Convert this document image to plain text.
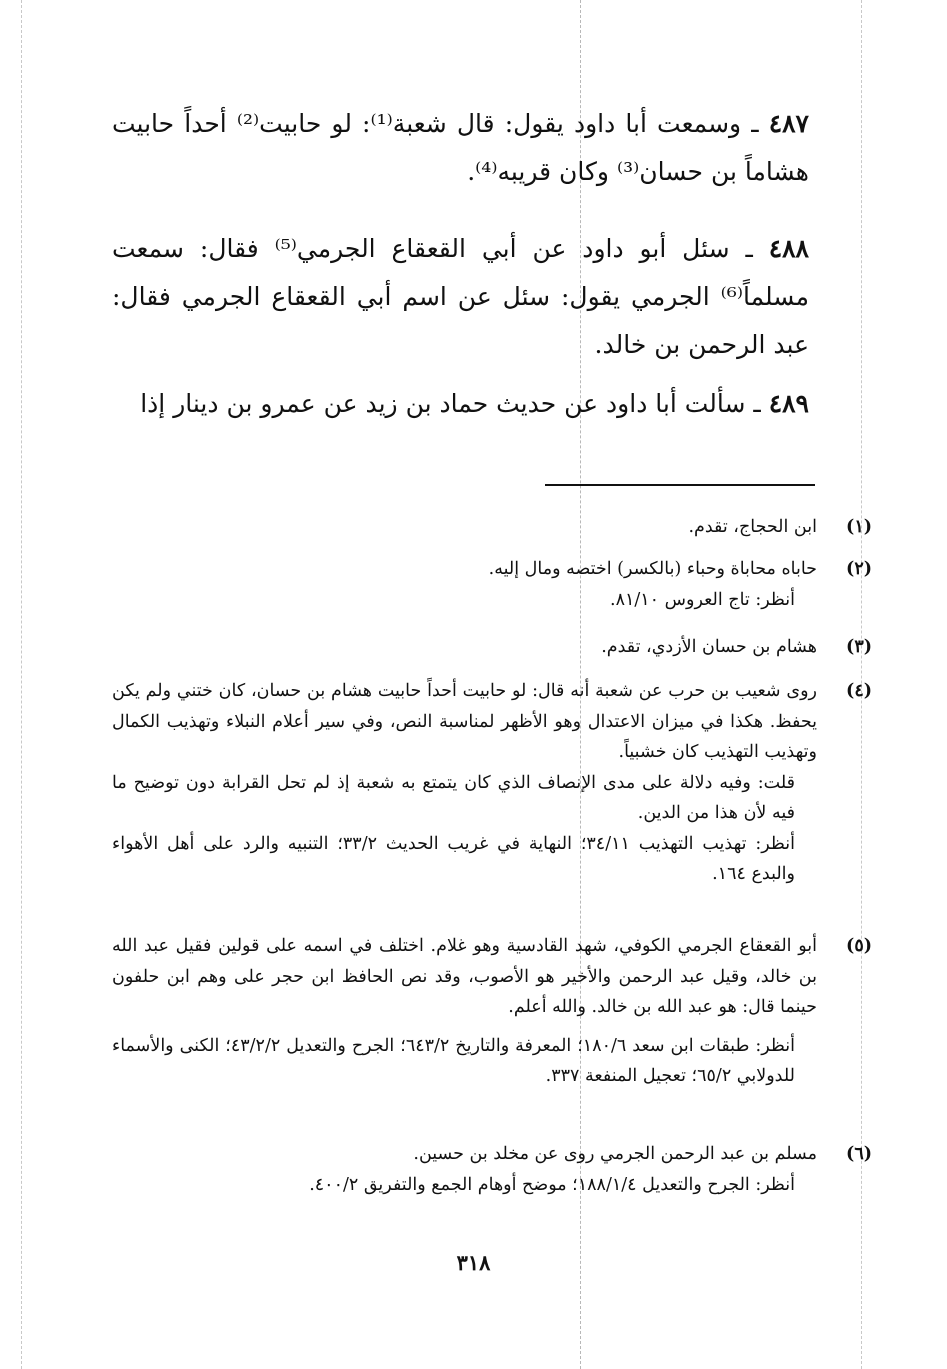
٤٨٧ ـ وسمعت أبا داود يقول: قال شعبة⁽¹⁾: لو حابيت⁽²⁾ أحداً حابيت هشاماً بن حسان⁽³⁾ وكان قريبه⁽⁴⁾.
٤٨٨ ـ سئل أبو داود عن أبي القعقاع الجرمي⁽⁵⁾ فقال: سمعت مسلماً⁽⁶⁾ الجرمي يقول: سئل عن اسم أبي القعقاع الجرمي فقال: عبد الرحمن بن خالد.
٤٨٩ ـ سألت أبا داود عن حديث حماد بن زيد عن عمرو بن دينار إذا
(١)
ابن الحجاج، تقدم.
(٢)
حاباه محاباة وحباء (بالكسر) اختصه ومال إليه.
أنظر: تاج العروس ٨١/١٠.
(٣)
هشام بن حسان الأزدي، تقدم.
(٤)
روى شعيب بن حرب عن شعبة أنه قال: لو حابيت أحداً حابيت هشام بن حسان، كان ختني ولم يكن يحفظ. هكذا في ميزان الاعتدال وهو الأظهر لمناسبة النص، وفي سير أعلام النبلاء وتهذيب الكمال وتهذيب التهذيب كان خشبياً.
قلت: وفيه دلالة على مدى الإنصاف الذي كان يتمتع به شعبة إذ لم تحل القرابة دون توضيح ما فيه لأن هذا من الدين.
أنظر: تهذيب التهذيب ٣٤/١١؛ النهاية في غريب الحديث ٣٣/٢؛ التنبيه والرد على أهل الأهواء والبدع ١٦٤.
(٥)
أبو القعقاع الجرمي الكوفي، شهد القادسية وهو غلام. اختلف في اسمه على قولين فقيل عبد الله بن خالد، وقيل عبد الرحمن والأخير هو الأصوب، وقد نص الحافظ ابن حجر على وهم ابن حلفون حينما قال: هو عبد الله بن خالد. والله أعلم.
أنظر: طبقات ابن سعد ١٨٠/٦؛ المعرفة والتاريخ ٦٤٣/٢؛ الجرح والتعديل ٤٣/٢/٢؛ الكنى والأسماء للدولابي ٦٥/٢؛ تعجيل المنفعة ٣٣٧.
(٦)
مسلم بن عبد الرحمن الجرمي روى عن مخلد بن حسين.
أنظر: الجرح والتعديل ١٨٨/١/٤؛ موضح أوهام الجمع والتفريق ٤٠٠/٢.
٣١٨
